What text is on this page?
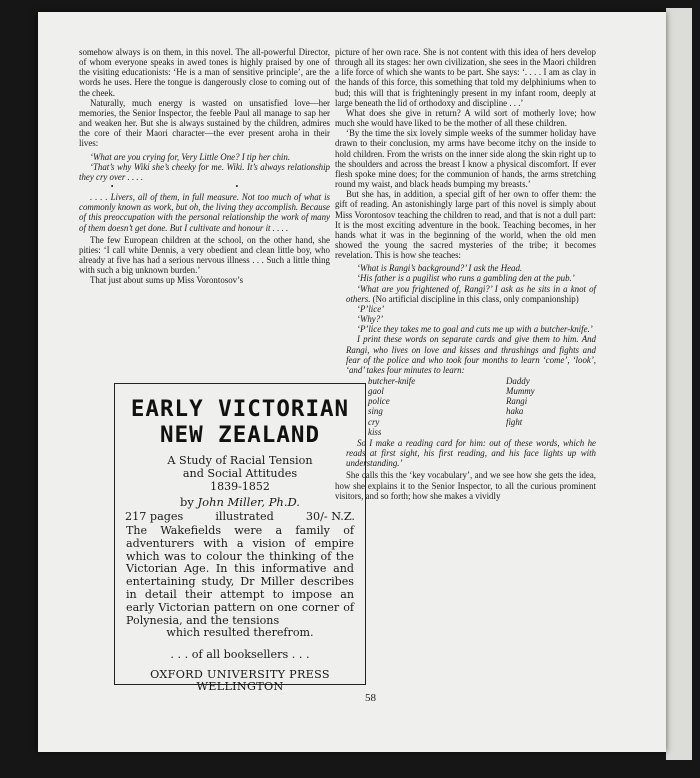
somehow always is on them, in this novel. The all-powerful Director, of whom everyone speaks in awed tones is highly praised by one of the visiting educationists: ‘He is a man of sensitive principle’, are the words he uses. Here the tongue is dangerously close to coming out of the cheek.

Naturally, much energy is wasted on unsatisfied love—her memories, the Senior Inspector, the feeble Paul all manage to sap her and weaken her. But she is always sustained by the children, admires the core of their Maori character—the ever present aroha in their lives:

‘What are you crying for, Very Little One? I tip her chin.

‘That’s why Wiki she’s cheeky for me. Wiki. It’s always relationship they cry over . . . .

• •

. . . . Livers, all of them, in full measure. Not too much of what is commonly known as work, but oh, the living they accomplish. Because of this preoccupation with the personal relationship the work of many of them doesn’t get done. But I cultivate and honour it . . . .

The few European children at the school, on the other hand, she pities: ‘I call white Dennis, a very obedient and clean little boy, who already at five has had a serious nervous illness . . . Such a little thing with such a big unknown burden.’

That just about sums up Miss Vorontosov’s

EARLY VICTORIAN
NEW ZEALAND
A Study of Racial Tension
and Social Attitudes
1839-1852
by John Miller, Ph.D.
217 pages	illustrated	30/- N.Z.
The Wakefields were a family of adventurers with a vision of empire which was to colour the thinking of the Victorian Age. In this informative and entertaining study, Dr Miller describes in detail their attempt to impose an early Victorian pattern on one corner of Polynesia, and the tensions
which resulted therefrom.
. . . of all booksellers . . .
OXFORD UNIVERSITY PRESS
WELLINGTON

picture of her own race. She is not content with this idea of hers develop through all its stages: her own civilization, she sees in the Maori children a life force of which she wants to be part. She says: ‘. . . . I am as clay in the hands of this force, this something that told my delphiniums when to bud; this will that is frighteningly present in my infant room, deeply at large beneath the lid of orthodoxy and discipline . . .’

What does she give in return? A wild sort of motherly love; how much she would have liked to be the mother of all these children.

‘By the time the six lovely simple weeks of the summer holiday have drawn to their conclusion, my arms have become itchy on the inside to hold children. From the wrists on the inner side along the skin right up to the shoulders and across the breast I know a physical discomfort. If ever flesh spoke mine does; for the communion of hands, the arms stretching round my waist, and black heads bumping my breasts.’

But she has, in addition, a special gift of her own to offer them: the gift of reading. An astonishingly large part of this novel is simply about Miss Vorontosov teaching the children to read, and that is not a dull part: It is the most exciting adventure in the book. Teaching becomes, in her hands what it was in the beginning of the world, when the old men showed the young the sacred mysteries of the tribe; it becomes revelation. This is how she teaches:

‘What is Rangi’s background?’ I ask the Head.

‘His father is a pugilist who runs a gambling den at the pub.’

‘What are you frightened of, Rangi?’ I ask as he sits in a knot of others. (No artificial discipline in this class, only companionship)

‘P’lice’

‘Why?’

‘P’lice they takes me to goal and cuts me up with a butcher-knife.’

I print these words on separate cards and give them to him. And Rangi, who lives on love and kisses and thrashings and fights and fear of the police and who took four months to learn ‘come’, ‘look’, ‘and’ takes four minutes to learn:

butcher-knife	Daddy
gaol	Mummy
police	Rangi
sing	haka
cry	fight
kiss

So I make a reading card for him: out of these words, which he reads at first sight, his first reading, and his face lights up with understanding.’

She calls this the ‘key vocabulary’, and we see how she gets the idea, how she explains it to the Senior Inspector, to all the curious prominent visitors, and so forth; how she makes a vividly

58
